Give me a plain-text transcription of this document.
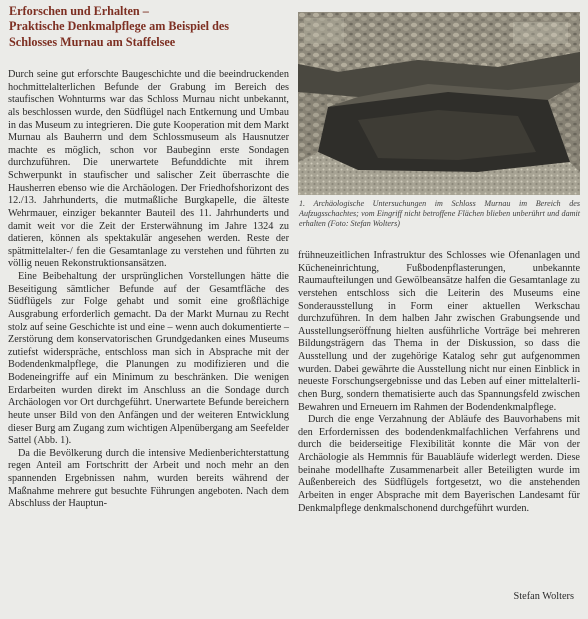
Erforschen und Erhalten –
Praktische Denkmalpflege am Beispiel des
Schlosses Murnau am Staffelsee

Durch seine gut erforschte Baugeschichte und die beeindruckenden hochmittelalterlichen Befunde der Grabung im Bereich des staufischen Wohnturms war das Schloss Murnau nicht unbekannt, als beschlossen wurde, den Südflügel nach Entkernung und Umbau in das Museum zu integrieren. Die gute Kooperation mit dem Markt Murnau als Bauherrn und dem Schlossmuseum als Hausnutzer machte es möglich, schon vor Baubeginn erste Sondagen durchzuführen. Die unerwartete Befunddichte mit ihrem Schwerpunkt in staufischer und salischer Zeit überraschte die Hausherren ebenso wie die Archäologen. Der Friedhofshorizont des 12./13. Jahrhunderts, die mutmaßliche Burgkapelle, die älteste Wehrmauer, einziger bekannter Bauteil des 11. Jahrhunderts und damit weit vor die Zeit der Ersterwähnung im Jahre 1324 zu datieren, können als spektakulär angesehen werden. Reste der spätmittelalter-/ fen die Gesamtanlage zu verstehen und führten zu völlig neuen Rekonstruktionsansätzen.

Eine Beibehaltung der ursprünglichen Vorstellungen hätte die Beseitigung sämtlicher Befunde auf der Gesamtfläche des Südflügels zur Folge gehabt und somit eine großflächige Ausgrabung erforderlich gemacht. Da der Markt Murnau zu Recht stolz auf seine Geschichte ist und eine – wenn auch dokumentierte – Zerstörung dem konservatorischen Grundgedanken eines Museums zutiefst widerspräche, entschloss man sich in Absprache mit der Bodendenkmalpflege, die Planungen zu modifizieren und die Bodeneingriffe auf ein Minimum zu beschränken. Die wenigen Erdarbeiten wurden direkt im Anschluss an die Sondage durch Archäologen vor Ort durchgeführt. Unerwartete Befunde bereichern heute unser Bild von den Anfängen und der weiteren Entwicklung dieser Burg am Zugang zum wichtigen Alpenübergang am Seefelder Sattel (Abb. 1).

Da die Bevölkerung durch die intensive Medienberichterstattung regen Anteil am Fortschritt der Arbeit und noch mehr an den spannenden Ergebnissen nahm, wurden bereits während der Maßnahme mehrere gut besuchte Führungen angeboten. Nach dem Abschluss der Hauptun-

1. Archäologische Untersuchungen im Schloss Murnau im Bereich des Aufzugsschachtes; vom Eingriff nicht betroffene Flächen blieben unberührt und damit erhalten (Foto: Stefan Wolters)

frühneuzeitlichen Infrastruktur des Schlosses wie Ofenanlagen und Kücheneinrichtung, Fußbodenpflasterungen, unbekannte Raumaufteilungen und Gewölbeansätze halfen die Gesamtanlage zu verstehen entschloss sich die Leiterin des Museums eine Sonderausstellung in Form einer aktuellen Werkschau durchzuführen. In dem halben Jahr zwischen Grabungsende und Ausstellungseröffnung hielten ausführliche Vorträge bei mehreren Bildungsträgern das Thema in der Diskussion, so dass die Ausstellung und der zugehörige Katalog sehr gut aufgenommen wurden. Dabei gewährte die Ausstellung nicht nur einen Einblick in neueste Forschungsergebnisse und das Leben auf einer mittelalterlichen Burg, sondern thematisierte auch das Spannungsfeld zwischen Bewahren und Erneuern im Rahmen der Bodendenkmalpflege.

Durch die enge Verzahnung der Abläufe des Bauvorhabens mit den Erfordernissen des bodendenkmalfachlichen Verfahrens und durch die beiderseitige Flexibilität konnte die Mär von der Archäologie als Hemmnis für Bauabläufe widerlegt werden. Diese beinahe modellhafte Zusammenarbeit aller Beteiligten wurde im Außenbereich des Südflügels fortgesetzt, wo die anstehenden Arbeiten in enger Absprache mit dem Bayerischen Landesamt für Denkmalpflege denkmalschonend durchgeführt wurden.

Stefan Wolters
